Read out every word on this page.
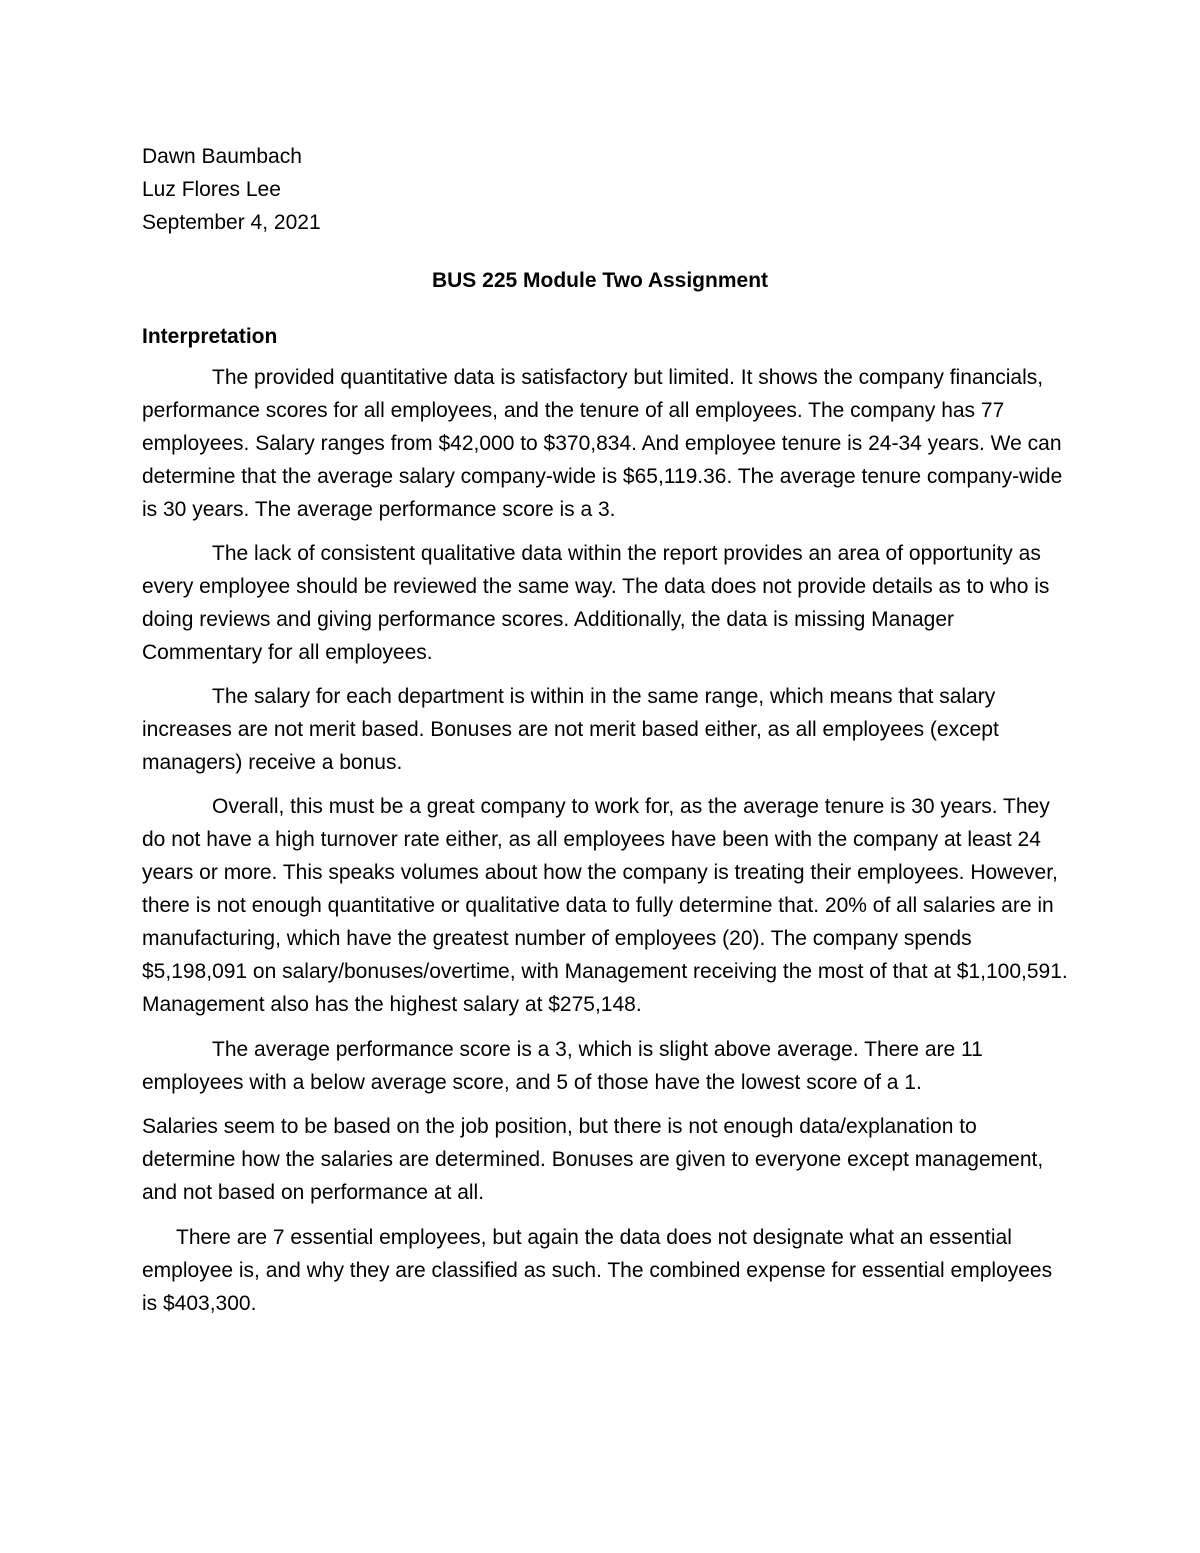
Dawn Baumbach

Luz Flores Lee

September 4, 2021

BUS 225 Module Two Assignment

Interpretation

The provided quantitative data is satisfactory but limited. It shows the company financials, performance scores for all employees, and the tenure of all employees. The company has 77 employees. Salary ranges from $42,000 to $370,834. And employee tenure is 24-34 years. We can determine that the average salary company-wide is $65,119.36. The average tenure company-wide is 30 years. The average performance score is a 3.

The lack of consistent qualitative data within the report provides an area of opportunity as every employee should be reviewed the same way. The data does not provide details as to who is doing reviews and giving performance scores. Additionally, the data is missing Manager Commentary for all employees.

The salary for each department is within in the same range, which means that salary increases are not merit based. Bonuses are not merit based either, as all employees (except managers) receive a bonus.

Overall, this must be a great company to work for, as the average tenure is 30 years. They do not have a high turnover rate either, as all employees have been with the company at least 24 years or more. This speaks volumes about how the company is treating their employees. However, there is not enough quantitative or qualitative data to fully determine that. 20% of all salaries are in manufacturing, which have the greatest number of employees (20). The company spends $5,198,091 on salary/bonuses/overtime, with Management receiving the most of that at $1,100,591. Management also has the highest salary at $275,148.

The average performance score is a 3, which is slight above average. There are 11 employees with a below average score, and 5 of those have the lowest score of a 1.

Salaries seem to be based on the job position, but there is not enough data/explanation to determine how the salaries are determined. Bonuses are given to everyone except management, and not based on performance at all.

There are 7 essential employees, but again the data does not designate what an essential employee is, and why they are classified as such. The combined expense for essential employees is $403,300.
